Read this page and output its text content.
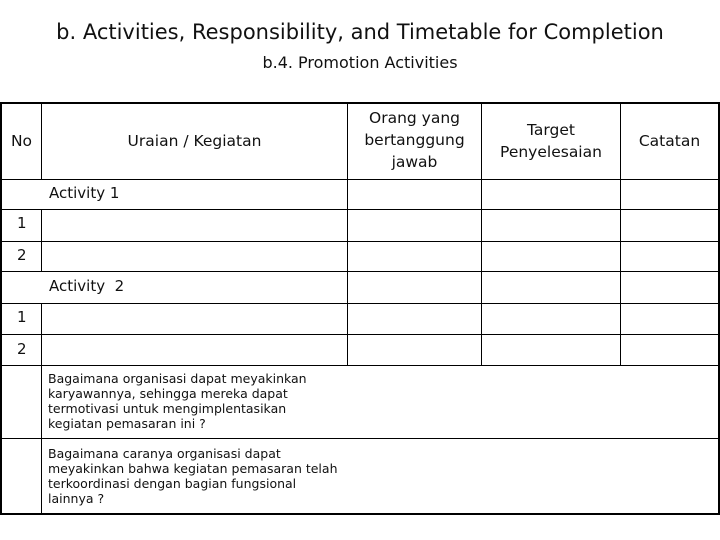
b. Activities, Responsibility, and Timetable for Completion
b.4. Promotion Activities
No	Uraian / Kegiatan
Orang yang
bertanggung
jawab
Target
Penyelesaian
Catatan
Activity 1
1
2
Activity  2
1
2
Bagaimana organisasi dapat meyakinkan karyawannya, sehingga mereka dapat termotivasi untuk mengimplentasikan kegiatan pemasaran ini ?
Bagaimana caranya organisasi dapat meyakinkan bahwa kegiatan pemasaran telah terkoordinasi dengan bagian fungsional lainnya ?
